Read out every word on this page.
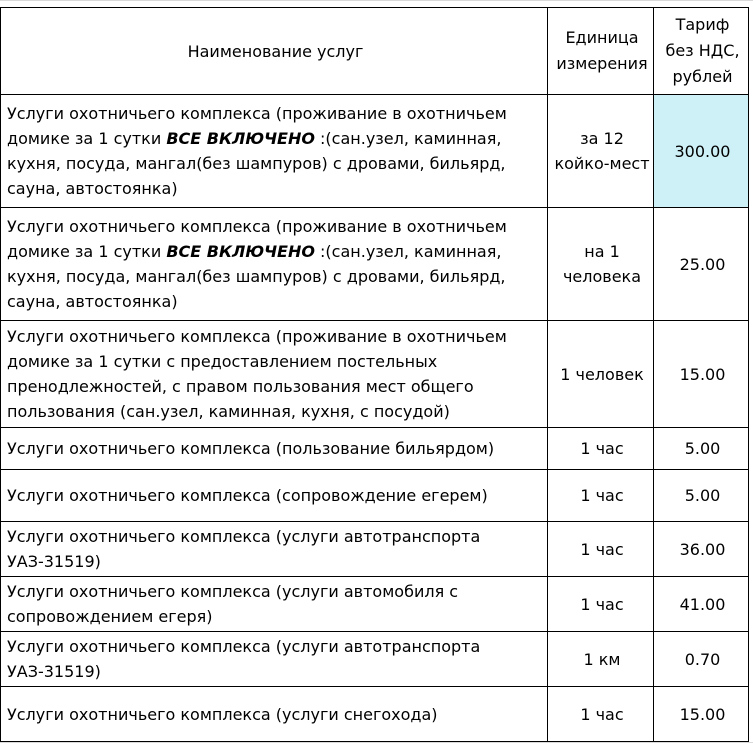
Наименование услуг	Единица измерения	Тариф без НДС, рублей
Услуги охотничьего комплекса (проживание в охотничьем домике за 1 сутки ВСЕ ВКЛЮЧЕНО :(сан.узел, каминная, кухня, посуда, мангал(без шампуров) с дровами, бильярд, сауна, автостоянка)	за 12 койко-мест	300.00
Услуги охотничьего комплекса (проживание в охотничьем домике за 1 сутки ВСЕ ВКЛЮЧЕНО :(сан.узел, каминная, кухня, посуда, мангал(без шампуров) с дровами, бильярд, сауна, автостоянка)	на 1 человека	25.00
Услуги охотничьего комплекса (проживание в охотничьем домике за 1 сутки с предоставлением постельных пренодлежностей, с правом пользования мест общего пользования (сан.узел, каминная, кухня, с посудой)	1 человек	15.00
Услуги охотничьего комплекса (пользование бильярдом)	1 час	5.00
Услуги охотничьего комплекса (сопровождение егерем)	1 час	5.00
Услуги охотничьего комплекса (услуги автотранспорта УАЗ-31519)	1 час	36.00
Услуги охотничьего комплекса (услуги автомобиля с сопровождением егеря)	1 час	41.00
Услуги охотничьего комплекса (услуги автотранспорта УАЗ-31519)	1 км	0.70
Услуги охотничьего комплекса (услуги снегохода)	1 час	15.00
